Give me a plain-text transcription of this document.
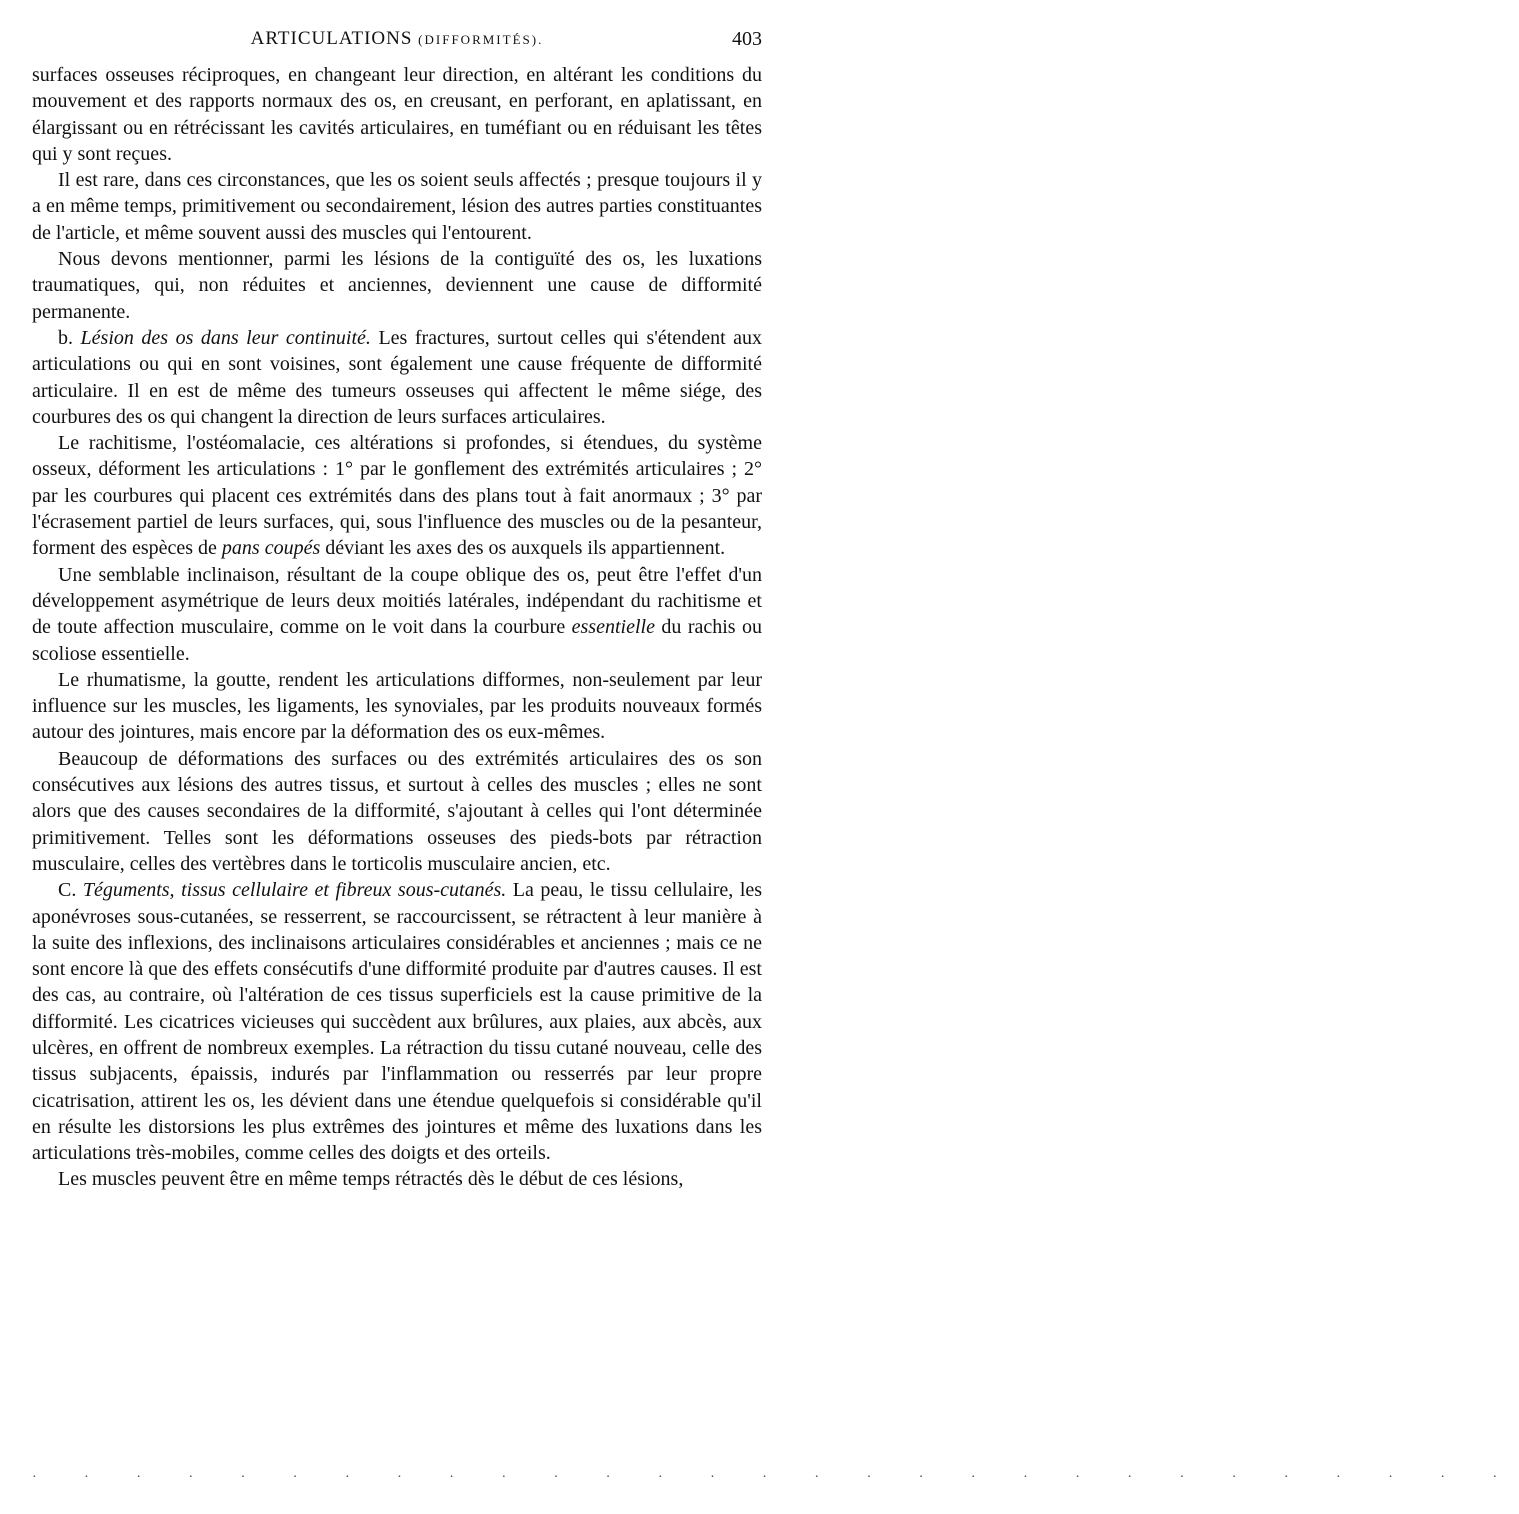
ARTICULATIONS (DIFFORMITÉS).	403

surfaces osseuses réciproques, en changeant leur direction, en altérant les conditions du mouvement et des rapports normaux des os, en creusant, en perforant, en aplatissant, en élargissant ou en rétrécissant les cavités articulaires, en tuméfiant ou en réduisant les têtes qui y sont reçues.

Il est rare, dans ces circonstances, que les os soient seuls affectés ; presque toujours il y a en même temps, primitivement ou secondairement, lésion des autres parties constituantes de l'article, et même souvent aussi des muscles qui l'entourent.

Nous devons mentionner, parmi les lésions de la contiguïté des os, les luxations traumatiques, qui, non réduites et anciennes, deviennent une cause de difformité permanente.

b. Lésion des os dans leur continuité. Les fractures, surtout celles qui s'étendent aux articulations ou qui en sont voisines, sont également une cause fréquente de difformité articulaire. Il en est de même des tumeurs osseuses qui affectent le même siége, des courbures des os qui changent la direction de leurs surfaces articulaires.

Le rachitisme, l'ostéomalacie, ces altérations si profondes, si étendues, du système osseux, déforment les articulations : 1° par le gonflement des extrémités articulaires ; 2° par les courbures qui placent ces extrémités dans des plans tout à fait anormaux ; 3° par l'écrasement partiel de leurs surfaces, qui, sous l'influence des muscles ou de la pesanteur, forment des espèces de pans coupés déviant les axes des os auxquels ils appartiennent.

Une semblable inclinaison, résultant de la coupe oblique des os, peut être l'effet d'un développement asymétrique de leurs deux moitiés latérales, indépendant du rachitisme et de toute affection musculaire, comme on le voit dans la courbure essentielle du rachis ou scoliose essentielle.

Le rhumatisme, la goutte, rendent les articulations difformes, non-seulement par leur influence sur les muscles, les ligaments, les synoviales, par les produits nouveaux formés autour des jointures, mais encore par la déformation des os eux-mêmes.

Beaucoup de déformations des surfaces ou des extrémités articulaires des os son consécutives aux lésions des autres tissus, et surtout à celles des muscles ; elles ne sont alors que des causes secondaires de la difformité, s'ajoutant à celles qui l'ont déterminée primitivement. Telles sont les déformations osseuses des pieds-bots par rétraction musculaire, celles des vertèbres dans le torticolis musculaire ancien, etc.

C. Téguments, tissus cellulaire et fibreux sous-cutanés. La peau, le tissu cellulaire, les aponévroses sous-cutanées, se resserrent, se raccourcissent, se rétractent à leur manière à la suite des inflexions, des inclinaisons articulaires considérables et anciennes ; mais ce ne sont encore là que des effets consécutifs d'une difformité produite par d'autres causes. Il est des cas, au contraire, où l'altération de ces tissus superficiels est la cause primitive de la difformité. Les cicatrices vicieuses qui succèdent aux brûlures, aux plaies, aux abcès, aux ulcères, en offrent de nombreux exemples. La rétraction du tissu cutané nouveau, celle des tissus subjacents, épaissis, indurés par l'inflammation ou resserrés par leur propre cicatrisation, attirent les os, les dévient dans une étendue quelquefois si considérable qu'il en résulte les distorsions les plus extrêmes des jointures et même des luxations dans les articulations très-mobiles, comme celles des doigts et des orteils.

Les muscles peuvent être en même temps rétractés dès le début de ces lésions,

· · · · · · · · · · · · · · · · · · · · · · · · · · · · ·
